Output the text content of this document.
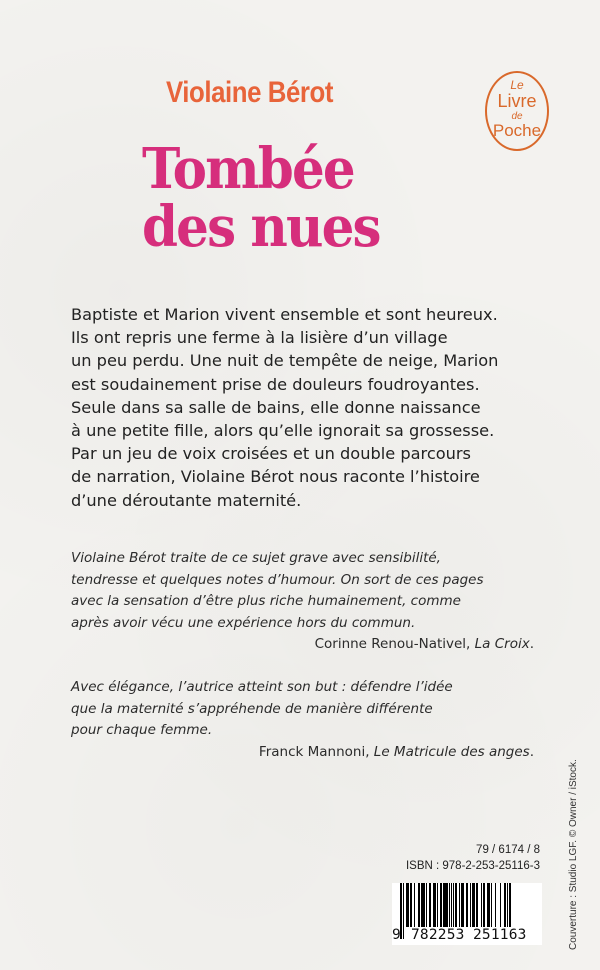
Violaine Bérot
Tombée
des nues
Le
Livre
de
Poche

Baptiste et Marion vivent ensemble et sont heureux.
Ils ont repris une ferme à la lisière d’un village
un peu perdu. Une nuit de tempête de neige, Marion
est soudainement prise de douleurs foudroyantes.
Seule dans sa salle de bains, elle donne naissance
à une petite fille, alors qu’elle ignorait sa grossesse.
Par un jeu de voix croisées et un double parcours
de narration, Violaine Bérot nous raconte l’histoire
d’une déroutante maternité.

Violaine Bérot traite de ce sujet grave avec sensibilité,
tendresse et quelques notes d’humour. On sort de ces pages
avec la sensation d’être plus riche humainement, comme
après avoir vécu une expérience hors du commun.
Corinne Renou-Nativel, La Croix.
Avec élégance, l’autrice atteint son but : défendre l’idée
que la maternité s’appréhende de manière différente
pour chaque femme.
Franck Mannoni, Le Matricule des anges.
79 / 6174 / 8
ISBN : 978-2-253-25116-3
9 782253 251163	Couverture : Studio LGF. © Owner / iStock.
